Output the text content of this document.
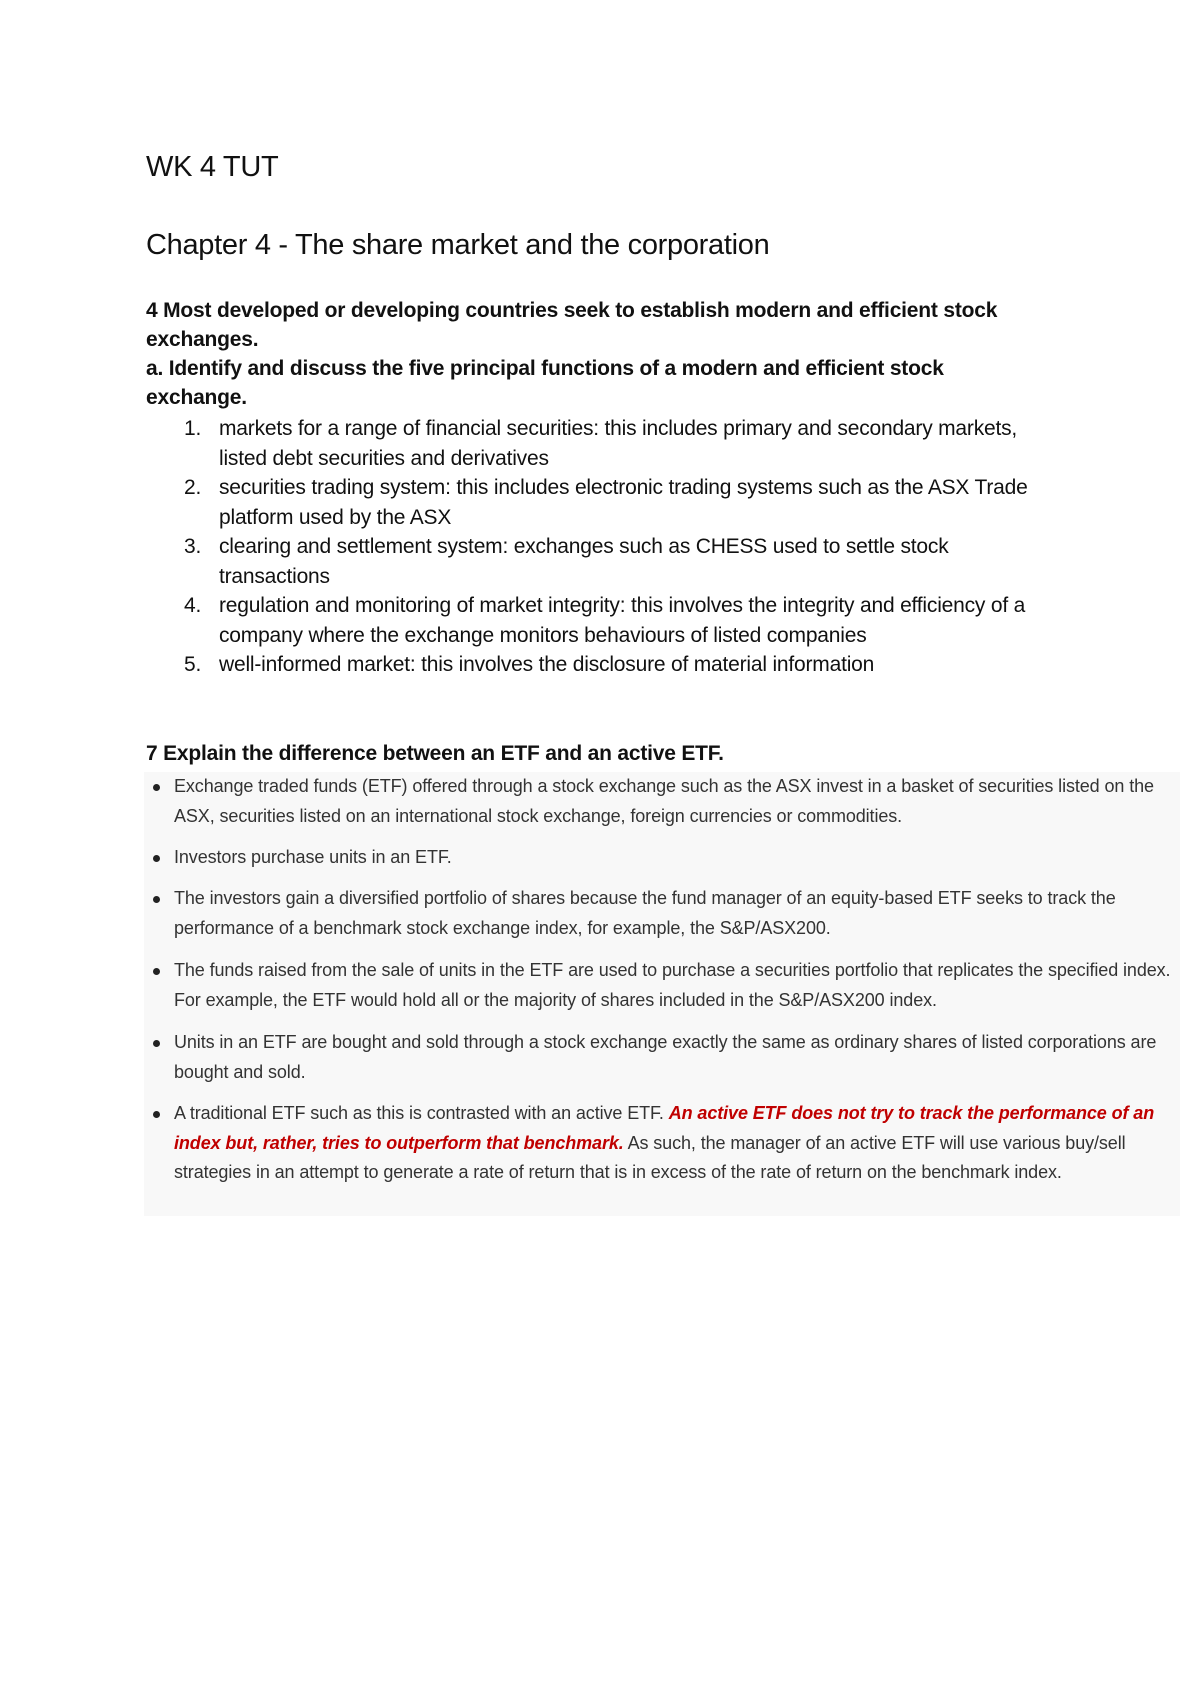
WK 4 TUT
Chapter 4 - The share market and the corporation

4 Most developed or developing countries seek to establish modern and efficient stock exchanges.

a. Identify and discuss the five principal functions of a modern and efficient stock exchange.

1. markets for a range of financial securities: this includes primary and secondary markets, listed debt securities and derivatives
2. securities trading system: this includes electronic trading systems such as the ASX Trade platform used by the ASX
3. clearing and settlement system: exchanges such as CHESS used to settle stock transactions
4. regulation and monitoring of market integrity: this involves the integrity and efficiency of a company where the exchange monitors behaviours of listed companies
5. well-informed market: this involves the disclosure of material information

7 Explain the difference between an ETF and an active ETF.

Exchange traded funds (ETF) offered through a stock exchange such as the ASX invest in a basket of securities listed on the ASX, securities listed on an international stock exchange, foreign currencies or commodities.
Investors purchase units in an ETF.
The investors gain a diversified portfolio of shares because the fund manager of an equity-based ETF seeks to track the performance of a benchmark stock exchange index, for example, the S&P/ASX200.
The funds raised from the sale of units in the ETF are used to purchase a securities portfolio that replicates the specified index. For example, the ETF would hold all or the majority of shares included in the S&P/ASX200 index.
Units in an ETF are bought and sold through a stock exchange exactly the same as ordinary shares of listed corporations are bought and sold.
A traditional ETF such as this is contrasted with an active ETF. An active ETF does not try to track the performance of an index but, rather, tries to outperform that benchmark. As such, the manager of an active ETF will use various buy/sell strategies in an attempt to generate a rate of return that is in excess of the rate of return on the benchmark index.
